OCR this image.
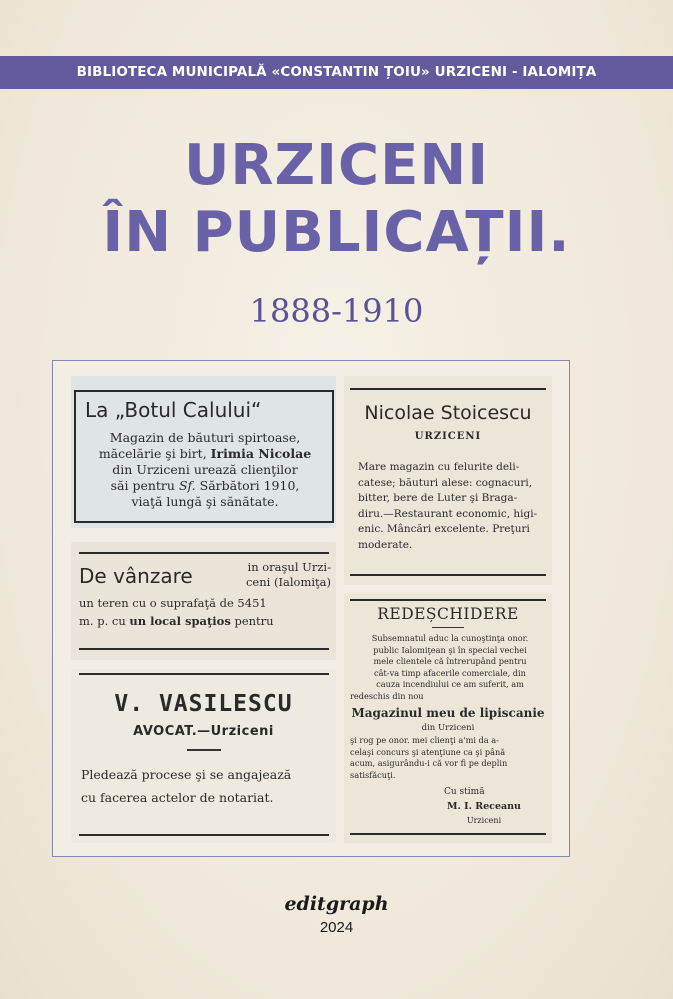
BIBLIOTECA MUNICIPALĂ «CONSTANTIN ȚOIU» URZICENI - IALOMIȚA
URZICENI
ÎN PUBLICAȚII.
1888-1910
La „Botul Calului“
Magazin de băuturi spirtoase,
măcelărie şi birt, Irimia Nicolae
din Urziceni urează clienţilor
săi pentru Sf. Sărbători 1910,
viaţă lungă şi sănătate.
Nicolae Stoicescu
URZICENI
Mare magazin cu felurite deli-
catese; băuturi alese: cognacuri,
bitter, bere de Luter şi Braga-
diru.—Restaurant economic, higi-
enic. Mâncări excelente. Preţuri
moderate.
De vânzare	in oraşul Urzi-
ceni (Ialomiţa)
un teren cu o suprafaţă de 5451
m. p. cu un local spaţios pentru	REDEȘCHIDERE
Subsemnatul aduc la cunoştinţa onor.
public Ialomiţean şi în special vechei
mele clientele că întrerupând pentru
cât-va timp afacerile comerciale, din
cauza incendiului ce am suferit, am
redeschis din nou
Magazinul meu de lipiscanie
din Urziceni
şi rog pe onor. mei clienţi a'mi da a-
celaşi concurs şi atenţiune ca şi până
acum, asigurându-i că vor fi pe deplin
satisfăcuţi.
Cu stimă
M. I. Receanu
Urziceni
V. VASILESCU
AVOCAT.—Urziceni
Pledează procese şi se angajează
cu facerea actelor de notariat.
editgraph
2024
